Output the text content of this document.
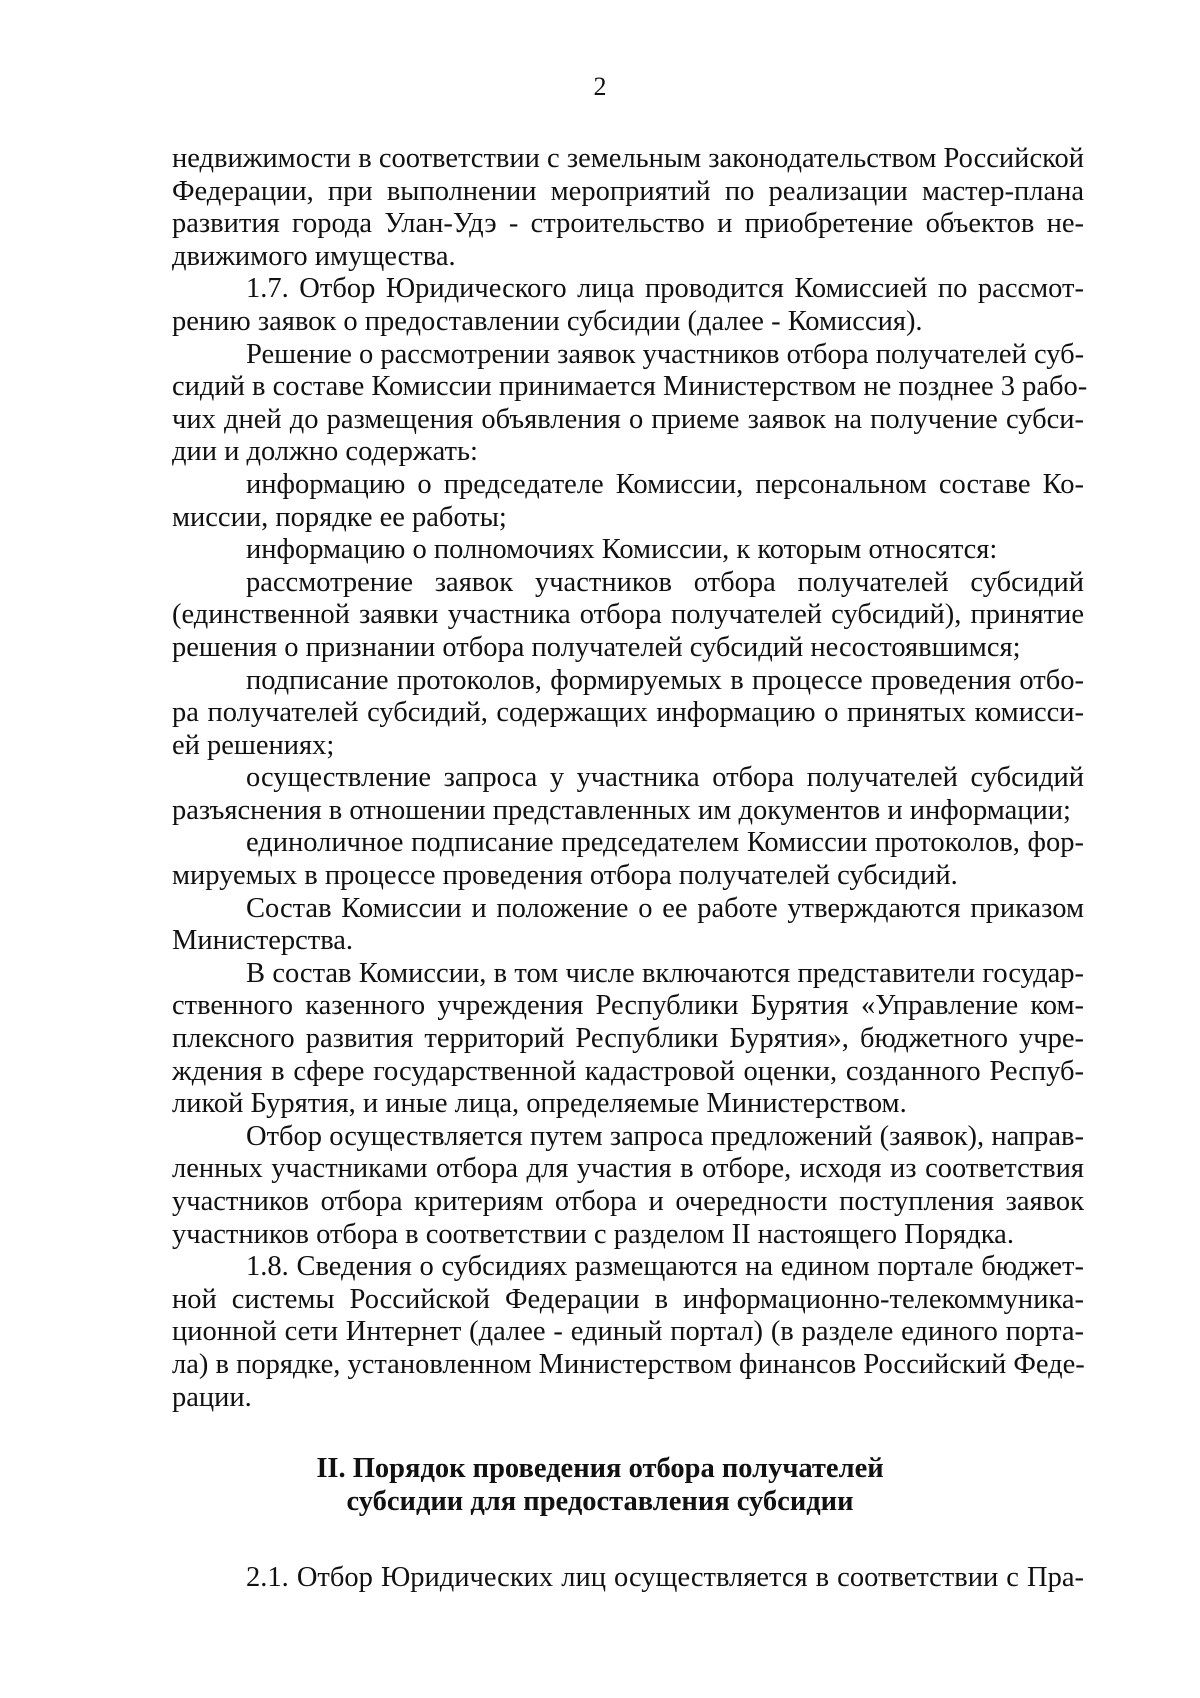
2
недвижимости в соответствии с земельным законодательством Российской
Федерации, при выполнении мероприятий по реализации мастер-плана
развития города Улан-Удэ - строительство и приобретение объектов не-
движимого имущества.
1.7. Отбор Юридического лица проводится Комиссией по рассмот-
рению заявок о предоставлении субсидии (далее - Комиссия).
Решение о рассмотрении заявок участников отбора получателей суб-
сидий в составе Комиссии принимается Министерством не позднее 3 рабо-
чих дней до размещения объявления о приеме заявок на получение субси-
дии и должно содержать:
информацию о председателе Комиссии, персональном составе Ко-
миссии, порядке ее работы;
информацию о полномочиях Комиссии, к которым относятся:
рассмотрение заявок участников отбора получателей субсидий
(единственной заявки участника отбора получателей субсидий), принятие
решения о признании отбора получателей субсидий несостоявшимся;
подписание протоколов, формируемых в процессе проведения отбо-
ра получателей субсидий, содержащих информацию о принятых комисси-
ей решениях;
осуществление запроса у участника отбора получателей субсидий
разъяснения в отношении представленных им документов и информации;
единоличное подписание председателем Комиссии протоколов, фор-
мируемых в процессе проведения отбора получателей субсидий.
Состав Комиссии и положение о ее работе утверждаются приказом
Министерства.
В состав Комиссии, в том числе включаются представители государ-
ственного казенного учреждения Республики Бурятия «Управление ком-
плексного развития территорий Республики Бурятия», бюджетного учре-
ждения в сфере государственной кадастровой оценки, созданного Респуб-
ликой Бурятия, и иные лица, определяемые Министерством.
Отбор осуществляется путем запроса предложений (заявок), направ-
ленных участниками отбора для участия в отборе, исходя из соответствия
участников отбора критериям отбора и очередности поступления заявок
участников отбора в соответствии с разделом II настоящего Порядка.
1.8. Сведения о субсидиях размещаются на едином портале бюджет-
ной системы Российской Федерации в информационно-телекоммуника-
ционной сети Интернет (далее - единый портал) (в разделе единого порта-
ла) в порядке, установленном Министерством финансов Российский Феде-
рации.
II. Порядок проведения отбора получателей
субсидии для предоставления субсидии
2.1. Отбор Юридических лиц осуществляется в соответствии с Пра-
